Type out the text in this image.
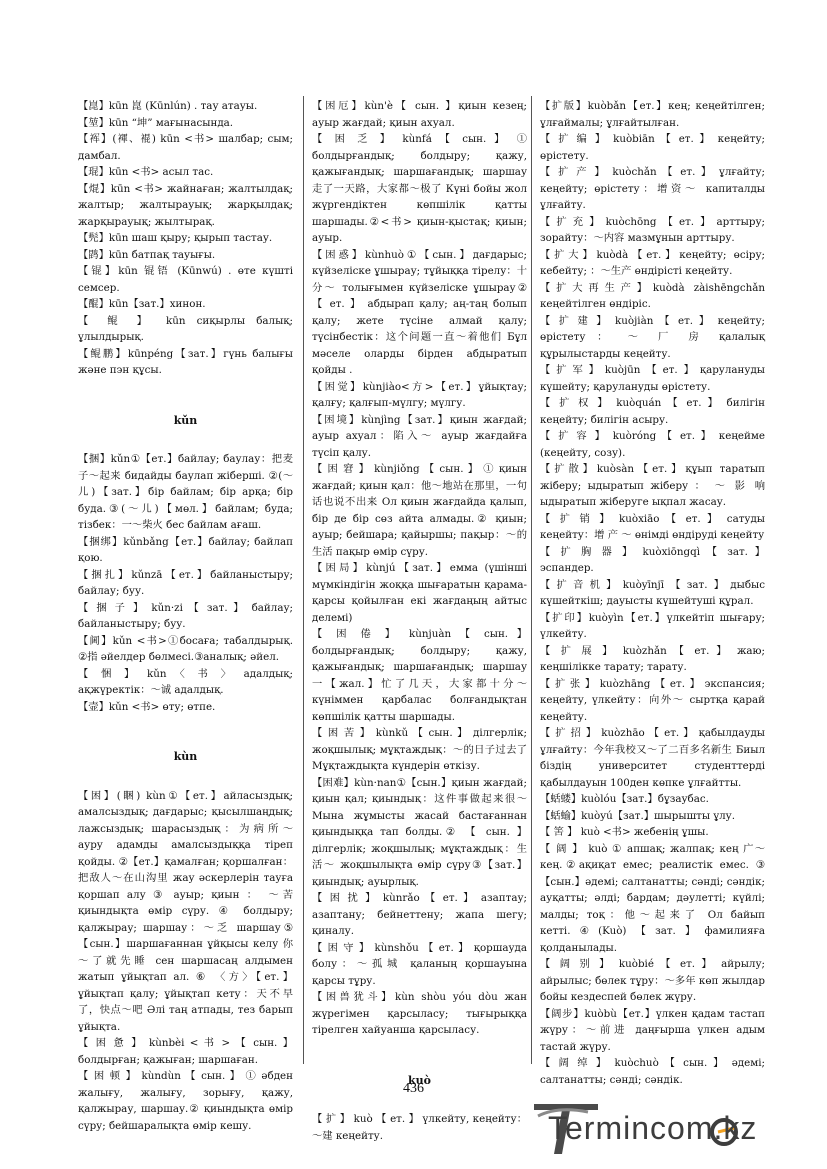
【崑】kūn 崑 (Kūnlún) . тау атауы.

【堃】kūn “坤” мағынасында.

【裈】(褌、裩) kūn <书> шалбар; сым; дамбал.

【琨】kūn <书> асыл тас.

【焜】kūn <书> жайнаған; жалтылдақ; жалтыр; жалтырауық; жарқылдақ; жарқырауық; жылтырақ.

【髡】kūn шаш қыру; қырып тастау.

【鹍】kūn батпақ тауығы.

【锟】kūn 锟铻 (Kūnwú) . өте күшті семсер.

【醌】kūn【зат.】хинон.

【 鲲 】 kūn сиқырлы балық; ұлылдырық.

【鲲鹏】kūnpéng【зат.】гүнь балығы және пэн құсы.

kǔn

【捆】kǔn①【ет.】байлау; баулау：把麦子～起来 бидайды баулап жіберші. ②(～儿)【зат.】бір байлам; бір арқа; бір буда.③(～儿)【мөл.】байлам; буда; тізбек：一～柴火 бес байлам ағаш.

【捆绑】kǔnbǎng【ет.】байлау; байлап қою.

【捆扎】kǔnzā【ет.】байланыстыру; байлау; буу.

【 捆 子 】 kǔn·zi 【 зат. 】 байлау; байланыстыру; буу.

【阃】kǔn <书>①босаға; табалдырық. ②指 әйелдер бөлмесі.③аналық; әйел.

【 悃 】 kǔn 〈 书 〉 адалдық; ақжүректік：～诚 адалдық.

【壸】kǔn <书> өту; өтпе.

kùn

【困】(睏) kùn①【ет.】айласыздық; амалсыздық; дағдарыс; қысылшаңдық; лажсыздық; шарасыздық：为病所～ ауру адамды амалсыздыққа тіреп қойды. ②【ет.】қамалған; қоршалған：把敌人～在山沟里 жау әскерлерін тауға қоршап алу ③ ауыр; қиын ： ～苦 қиындықта өмір сүру. ④ болдыру; қалжырау; шаршау：～乏 шаршау⑤【сын.】шаршағаннан ұйқысы келу 你～了就先睡 сен шаршасаң алдымен жатып ұйықтап ал. ⑥ 〈方〉【ет.】ұйықтап қалу; ұйықтап кету：天不早了，快点～吧 Әлі таң атпады, тез барып ұйықта.

【 困 惫 】 kùnbèi < 书 > 【 сын. 】 болдырған; қажыған; шаршаған.

【 困 顿 】 kùndùn 【 сын. 】 ① әбден жалығу, жалығу, зорығу, қажу, қалжырау, шаршау.② қиындықта өмір сүру; бейшаралықта өмір кешу.

【困厄】kùn'è【 сын. 】қиын кезең; ауыр жағдай; қиын ахуал.

【 困 乏 】 kùnfá 【 сын. 】 ① болдырғандық; болдыру; қажу, қажығандық; шаршағандық; шаршау 走了一天路，大家都～极了 Күні бойы жол жүргендіктен көпшілік қатты шаршады.②<书> қиын-қыстақ; қиын; ауыр.

【困惑】kùnhuò①【сын.】дағдарыс; күйзеліске ұшырау; тұйыққа тірелу：十分～ толығымен күйзеліске ұшырау② 【 ет. 】 абдырап қалу; аң-таң болып қалу; жете түсіне алмай қалу; түсінбестік：这个问题一直～着他们 Бұл мәселе оларды бірден абдыратып қойды .

【困觉】kùnjiào<方>【ет.】ұйықтау; қалғу; қалғып-мүлгу; мүлгу.

【困境】kùnjìng【зат.】қиын жағдай; ауыр ахуал：陷入～ ауыр жағдайға түсіп қалу.

【 困 窘 】 kùnjiǒng 【 сын. 】 ① қиын жағдай; қиын қал：他～地站在那里，一句话也说不出来 Ол қиын жағдайда қалып, бір де бір сөз айта алмады.② қиын; ауыр; бейшара; қайыршы; пақыр：～的生活 пақыр өмір сүру.

【困局】kùnjú【зат.】емма (үшінші мүмкіндігін жоққа шығаратын қарама-қарсы қойылған екі жағдаңың айтыс делемі)

【 困 倦 】 kùnjuàn 【 сын. 】 болдырғандық; болдыру; қажу, қажығандық; шаршағандық; шаршау 一【жал.】忙了几天，大家都十分～ күніммен қарбалас болғандықтан көпшілік қатты шаршады.

【 困 苦 】 kùnkǔ 【 сын. 】 ділгерлік; жоқшылық; мұқтаждық：～的日子过去了 Мұқтаждықта күндерін өткізу.

【困难】kùn·nan①【сын.】қиын жағдай; қиын қал; қиындық：这件事做起来很～ Мына жұмысты жасай бастағаннан қиындыққа тап болды.② 【 сын. 】 ділгерлік; жоқшылық; мұқтаждық：生活～ жоқшылықта өмір сүру③【зат.】қиындық; ауырлық.

【 困 扰 】 kùnrǎo 【 ет. 】 азаптау; азаптану; бейнеттену; жапа шегу; қиналу.

【 困 守 】 kùnshǒu 【 ет. 】 қоршауда болу：～孤城 қаланың қоршауына қарсы тұру.

【困兽犹斗】kùn shòu yóu dòu жан жүрегімен қарсыласу; тығырыққа тірелген хайуанша қарсыласу.

kuò

【 扩 】 kuò 【 ет. 】 үлкейту, кеңейту：～建 кеңейту.

【扩版】kuòbǎn【ет.】кең; кеңейтілген; ұлғаймалы; ұлғайтылған.

【 扩 编 】 kuòbiān 【 ет. 】 кеңейту; өрістету.

【 扩 产 】 kuòchǎn 【 ет. 】 ұлғайту; кеңейту; өрістету：增资～ капиталды ұлғайту.

【扩充】kuòchōng【ет.】арттыру; зорайту：～内容 мазмұнын арттыру.

【扩大】kuòdà【ет.】кеңейту; өсіру; кебейту; ：～生产 өндірісті кеңейту.

【扩大再生产】kuòdà zàishēngchǎn кеңейтілген өндіріс.

【 扩 建 】 kuòjiàn 【 ет. 】 кеңейту; өрістету ： ～ 厂 房 қалалық құрылыстарды кеңейту.

【扩军】kuòjūn【ет.】қарулануды күшейту; қарулануды өрістету.

【 扩 权 】 kuòquán 【 ет. 】 билігін кеңейту; билігін асыру.

【 扩 容 】 kuòróng 【 ет. 】 кеңейме (кеңейту, созу).

【扩散】kuòsàn【ет.】құып таратып жіберу; ыдыратып жіберу ： ～ 影 响 ыдыратып жіберуге ықпал жасау.

【 扩 销 】 kuòxiāo 【 ет. 】 сатуды кеңейту：增 产 ～ өнімді өндіруді кеңейту

【 扩 胸 器 】 kuòxiōngqì 【 зат. 】 эспандер.

【扩音机】kuòyīnjī【зат.】дыбыс күшейткіш; дауысты күшейтуші құрал.

【扩印】kuòyìn【ет.】үлкейтіп шығару; үлкейту.

【 扩 展 】 kuòzhǎn 【 ет. 】 жаю; кеңшілікке тарату; тарату.

【扩张】kuòzhāng【ет.】экспансия; кеңейту, үлкейту：向外～ сыртқа қарай кеңейту.

【 扩 招 】 kuòzhāo 【 ет. 】 қабылдауды ұлғайту：今年我校又～了二百多名新生 Биыл біздің университет студенттерді қабылдауын 100ден көпке ұлғайтты.

【蛞蝼】kuòlóu【зат.】бұзаубас.

【蛞蝓】kuòyú【зат.】шырышты ұлу.

【 筈 】 kuò <书> жебенің ұшы.

【 阔 】 kuò ① апшақ; жалпақ; кең 广～ кең.②ақиқат емес; реалистік емес. ③【сын.】әдемі; салтанатты; сәнді; сәндік; ауқатты; әлді; бардам; дәулетті; күйлі; малды; тоқ：他～起来了 Ол байып кетті.④(Kuò)【зат.】фамилияға қолданылады.

【 阔 别 】 kuòbié 【 ет. 】 айрылу; айрылыс; бөлек тұру：～多年 көп жылдар бойы кездеспей бөлек жүру.

【阔步】kuòbù【ет.】үлкен қадам тастап жүру：～前进 даңғырша үлкен адым тастай жүру.

【 阔 绰 】 kuòchuò 【 сын. 】 әдемі; салтанатты; сәнді; сәндік.

436
Termincom.kz
